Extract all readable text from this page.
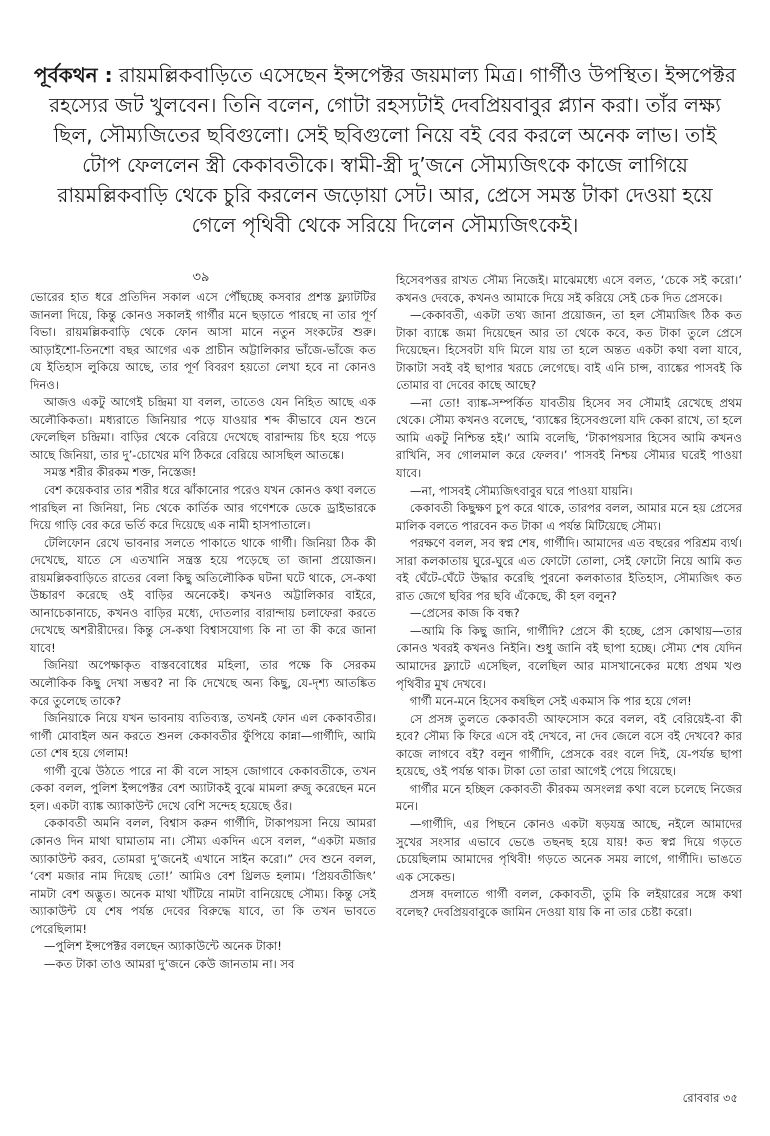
পূর্বকথন : রায়মল্লিকবাড়িতে এসেছেন ইন্সপেক্টর জয়মাল্য মিত্র। গার্গীও উপস্থিত। ইন্সপেক্টর রহস্যের জট খুলবেন। তিনি বলেন, গোটা রহস্যটাই দেবপ্রিয়বাবুর প্ল্যান করা। তাঁর লক্ষ্য ছিল, সৌম্যজিতের ছবিগুলো। সেই ছবিগুলো নিয়ে বই বের করলে অনেক লাভ। তাই টোপ ফেললেন স্ত্রী কেকাবতীকে। স্বামী-স্ত্রী দু’জনে সৌম্যজিৎকে কাজে লাগিয়ে রায়মল্লিকবাড়ি থেকে চুরি করলেন জড়োয়া সেট। আর, প্রেসে সমস্ত টাকা দেওয়া হয়ে গেলে পৃথিবী থেকে সরিয়ে দিলেন সৌম্যজিৎকেই।
৩৯

ভোরের হাত ধরে প্রতিদিন সকাল এসে পৌঁছচ্ছে কসবার প্রশস্ত ফ্ল্যাটটির জানলা দিয়ে, কিন্তু কোনও সকালই গার্গীর মনে ছড়াতে পারছে না তার পূর্ণ বিভা। রায়মল্লিকবাড়ি থেকে ফোন আসা মানে নতুন সংকটের শুরু। আড়াইশো-তিনশো বছর আগের এক প্রাচীন অট্টালিকার ভাঁজে-ভাঁজে কত যে ইতিহাস লুকিয়ে আছে, তার পূর্ণ বিবরণ হয়তো লেখা হবে না কোনও দিনও।

আজও একটু আগেই চন্দ্রিমা যা বলল, তাতেও যেন নিহিত আছে এক অলৌকিকতা। মধ্যরাতে জিনিয়ার পড়ে যাওয়ার শব্দ কীভাবে যেন শুনে ফেলেছিল চন্দ্রিমা। বাড়ির থেকে বেরিয়ে দেখেছে বারান্দায় চিৎ হয়ে পড়ে আছে জিনিয়া, তার দু’-চোখের মণি ঠিকরে বেরিয়ে আসছিল আতঙ্কে।

সমস্ত শরীর কীরকম শক্ত, নিস্তেজ!

বেশ কয়েকবার তার শরীর ধরে ঝাঁকানোর পরেও যখন কোনও কথা বলতে পারছিল না জিনিয়া, নিচ থেকে কার্তিক আর গণেশকে ডেকে ড্রাইভারকে দিয়ে গাড়ি বের করে ভর্তি করে দিয়েছে এক নামী হাসপাতালে।

টেলিফোন রেখে ভাবনার সলতে পাকাতে থাকে গার্গী। জিনিয়া ঠিক কী দেখেছে, যাতে সে এতখানি সন্ত্রস্ত হয়ে পড়েছে তা জানা প্রয়োজন। রায়মল্লিকবাড়িতে রাতের বেলা কিছু অতিলৌকিক ঘটনা ঘটে থাকে, সে-কথা উচ্চারণ করেছে ওই বাড়ির অনেকেই। কখনও অট্টালিকার বাইরে, আনাচেকানাচে, কখনও বাড়ির মধ্যে, দোতলার বারান্দায় চলাফেরা করতে দেখেছে অশরীরীদের। কিন্তু সে-কথা বিশ্বাসযোগ্য কি না তা কী করে জানা যাবে!

জিনিয়া অপেক্ষাকৃত বাস্তববোধের মহিলা, তার পক্ষে কি সেরকম অলৌকিক কিছু দেখা সম্ভব? না কি দেখেছে অন্য কিছু, যে-দৃশ্য আতঙ্কিত করে তুলেছে তাকে?

জিনিয়াকে নিয়ে যখন ভাবনায় ব্যতিব্যস্ত, তখনই ফোন এল কেকাবতীর। গার্গী মোবাইল অন করতে শুনল কেকাবতীর ফুঁপিয়ে কান্না—গার্গীদি, আমি তো শেষ হয়ে গেলাম!

গার্গী বুঝে উঠতে পারে না কী বলে সাহস জোগাবে কেকাবতীকে, তখন কেকা বলল, পুলিশ ইন্সপেক্টর বেশ অ্যাটাকই বুঝে মামলা রুজু করেছেন মনে হল। একটা ব্যাঙ্ক অ্যাকাউন্ট দেখে বেশি সন্দেহ হয়েছে ওঁর।

কেকাবতী অমনি বলল, বিশ্বাস করুন গার্গীদি, টাকাপয়সা নিয়ে আমরা কোনও দিন মাথা ঘামাতাম না। সৌম্য একদিন এসে বলল, “একটা মজার অ্যাকাউন্ট করব, তোমরা দু’জনেই এখানে সাইন করো।” দেব শুনে বলল, ‘বেশ মজার নাম দিয়েছ তো!’ আমিও বেশ থ্রিলড হলাম। ‘প্রিয়বতীজিৎ’ নামটা বেশ অদ্ভুত। অনেক মাথা খাঁটিয়ে নামটা বানিয়েছে সৌম্য। কিন্তু সেই অ্যাকাউন্ট যে শেষ পর্যন্ত দেবের বিরুদ্ধে যাবে, তা কি তখন ভাবতে পেরেছিলাম!

—পুলিশ ইন্সপেক্টর বলছেন অ্যাকাউন্টে অনেক টাকা!

—কত টাকা তাও আমরা দু’জনে কেউ জানতাম না। সব

হিসেবপত্তর রাখত সৌম্য নিজেই। মাঝেমধ্যে এসে বলত, ‘চেকে সই করো।’ কখনও দেবকে, কখনও আমাকে দিয়ে সই করিয়ে সেই চেক দিত প্রেসকে।

—কেকাবতী, একটা তথ্য জানা প্রয়োজন, তা হল সৌম্যজিৎ ঠিক কত টাকা ব্যাঙ্কে জমা দিয়েছেন আর তা থেকে কবে, কত টাকা তুলে প্রেসে দিয়েছেন। হিসেবটা যদি মিলে যায় তা হলে অন্তত একটা কথা বলা যাবে, টাকাটা সবই বই ছাপার খরচে লেগেছে। বাই এনি চান্স, ব্যাঙ্কের পাসবই কি তোমার বা দেবের কাছে আছে?

—না তো! ব্যাঙ্ক-সম্পর্কিত যাবতীয় হিসেব সব সৌমাই রেখেছে প্রথম থেকে। সৌম্য কখনও বলেছে, ‘ব্যাঙ্কের হিসেবগুলো যদি কেকা রাখে, তা হলে আমি একটু নিশ্চিন্ত হই।’ আমি বলেছি, ‘টাকাপয়সার হিসেব আমি কখনও রাখিনি, সব গোলমাল করে ফেলব।’ পাসবই নিশ্চয় সৌম্যর ঘরেই পাওয়া যাবে।

—না, পাসবই সৌম্যজিৎবাবুর ঘরে পাওয়া যায়নি।

কেকাবতী কিছুক্ষণ চুপ করে থাকে, তারপর বলল, আমার মনে হয় প্রেসের মালিক বলতে পারবেন কত টাকা এ পর্যন্ত মিটিয়েছে সৌম্য।

পরক্ষণে বলল, সব স্বপ্ন শেষ, গার্গীদি। আমাদের এত বছরের পরিশ্রম ব্যর্থ। সারা কলকাতায় ঘুরে-ঘুরে এত ফোটো তোলা, সেই ফোটো নিয়ে আমি কত বই ঘেঁটে-ঘেঁটে উদ্ধার করেছি পুরনো কলকাতার ইতিহাস, সৌম্যজিৎ কত রাত জেগে ছবির পর ছবি এঁকেছে, কী হল বলুন?

—প্রেসের কাজ কি বন্ধ?

—আমি কি কিছু জানি, গার্গীদি? প্রেসে কী হচ্ছে, প্রেস কোথায়—তার কোনও খবরই কখনও নিইনি। শুধু জানি বই ছাপা হচ্ছে। সৌম্য শেষ যেদিন আমাদের ফ্ল্যাটে এসেছিল, বলেছিল আর মাসখানেকের মধ্যে প্রথম খণ্ড পৃথিবীর মুখ দেখবে।

গার্গী মনে-মনে হিসেব কষছিল সেই একমাস কি পার হয়ে গেল!

সে প্রসঙ্গ তুলতে কেকাবতী আফসোস করে বলল, বই বেরিয়েই-বা কী হবে? সৌম্য কি ফিরে এসে বই দেখবে, না দেব জেলে বসে বই দেখবে? কার কাজে লাগবে বই? বলুন গার্গীদি, প্রেসকে বরং বলে দিই, যে-পর্যন্ত ছাপা হয়েছে, ওই পর্যন্ত থাক। টাকা তো তারা আগেই পেয়ে গিয়েছে।

গার্গীর মনে হচ্ছিল কেকাবতী কীরকম অসংলগ্ন কথা বলে চলেছে নিজের মনে।

—গার্গীদি, এর পিছনে কোনও একটা ষড়যন্ত্র আছে, নইলে আমাদের সুখের সংসার এভাবে ভেঙে তছনছ হয়ে যায়! কত স্বপ্ন দিয়ে গড়তে চেয়েছিলাম আমাদের পৃথিবী! গড়তে অনেক সময় লাগে, গার্গীদি। ভাঙতে এক সেকেন্ড।

প্রসঙ্গ বদলাতে গার্গী বলল, কেকাবতী, তুমি কি লইয়ারের সঙ্গে কথা বলেছ? দেবপ্রিয়বাবুকে জামিন দেওয়া যায় কি না তার চেষ্টা করো।

রোববার ৩৫
